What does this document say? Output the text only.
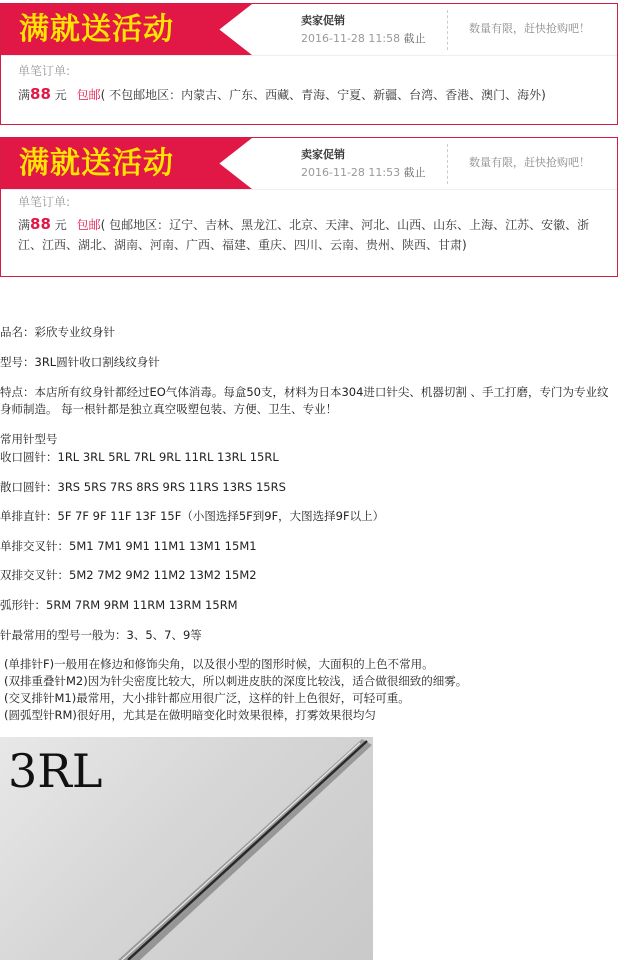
满就送活动	卖家促销
2016-11-28 11:58 截止
数量有限，赶快抢购吧！
单笔订单:
满88 元 包邮( 不包邮地区：内蒙古、广东、西藏、青海、宁夏、新疆、台湾、香港、澳门、海外)
满就送活动	卖家促销
2016-11-28 11:53 截止
数量有限，赶快抢购吧！
单笔订单:
满88 元 包邮( 包邮地区：辽宁、吉林、黑龙江、北京、天津、河北、山西、山东、上海、江苏、安徽、浙江、江西、湖北、湖南、河南、广西、福建、重庆、四川、云南、贵州、陕西、甘肃)
品名：彩欣专业纹身针
型号：3RL圆针收口割线纹身针
特点：本店所有纹身针都经过EO气体消毒。每盒50支，材料为日本304进口针尖、机器切割 、手工打磨，专门为专业纹身师制造。 每一根针都是独立真空吸塑包装、方便、卫生、专业！
常用针型号
收口圆针：1RL 3RL 5RL 7RL 9RL 11RL 13RL 15RL
散口圆针：3RS 5RS 7RS 8RS 9RS 11RS 13RS 15RS
单排直针：5F 7F 9F 11F 13F 15F（小图选择5F到9F，大图选择9F以上）
单排交叉针：5M1 7M1 9M1 11M1 13M1 15M1
双排交叉针：5M2 7M2 9M2 11M2 13M2 15M2
弧形针：5RM 7RM 9RM 11RM 13RM 15RM
针最常用的型号一般为：3、5、7、9等
(单排针F)一般用在修边和修饰尖角，以及很小型的图形时候，大面积的上色不常用。
(双排重叠针M2)因为针尖密度比较大，所以刺进皮肤的深度比较浅，适合做很细致的细雾。
(交叉排针M1)最常用，大小排针都应用很广泛，这样的针上色很好，可轻可重。
(圆弧型针RM)很好用，尤其是在做明暗变化时效果很棒，打雾效果很均匀
3RL
